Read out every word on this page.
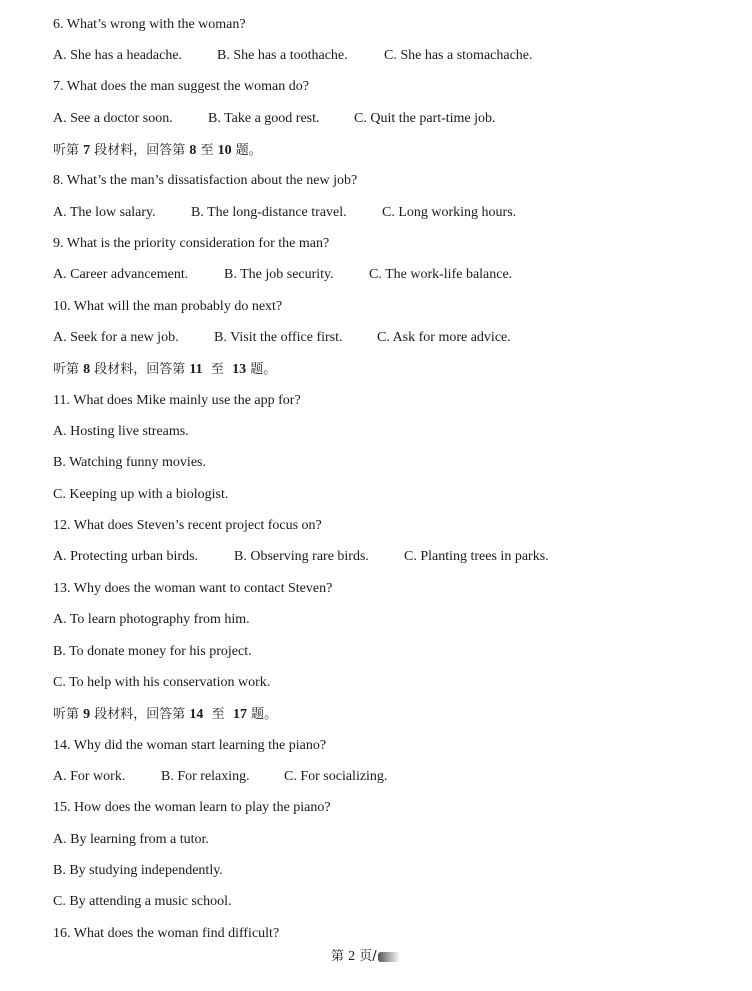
6. What’s wrong with the woman?
A. She has a headache. B. She has a toothache.	C. She has a stomachache.
7. What does the man suggest the woman do?
A. See a doctor soon.	B. Take a good rest. C. Quit the part-time job.
听第 7 段材料，回答第 8 至 10 题。
8. What’s the man’s dissatisfaction about the new job?
A. The low salary.	B. The long-distance travel.	C. Long working hours.
9. What is the priority consideration for the man?
A. Career advancement.	B. The job security.	C. The work-life balance.
10. What will the man probably do next?
A. Seek for a new job.	B. Visit the office first. C. Ask for more advice.
听第 8 段材料，回答第 11  至  13 题。
11. What does Mike mainly use the app for?
A. Hosting live streams.
B. Watching funny movies.
C. Keeping up with a biologist.
12. What does Steven’s recent project focus on?
A. Protecting urban birds.	B. Observing rare birds.	C. Planting trees in parks.
13. Why does the woman want to contact Steven?
A. To learn photography from him.
B. To donate money for his project.
C. To help with his conservation work.
听第 9 段材料，回答第 14  至  17 题。
14. Why did the woman start learning the piano?
A. For work.	B. For relaxing. C. For socializing.
15. How does the woman learn to play the piano?
A. By learning from a tutor.
B. By studying independently.
C. By attending a music school.
16. What does the woman find difficult?
第 2 页/
